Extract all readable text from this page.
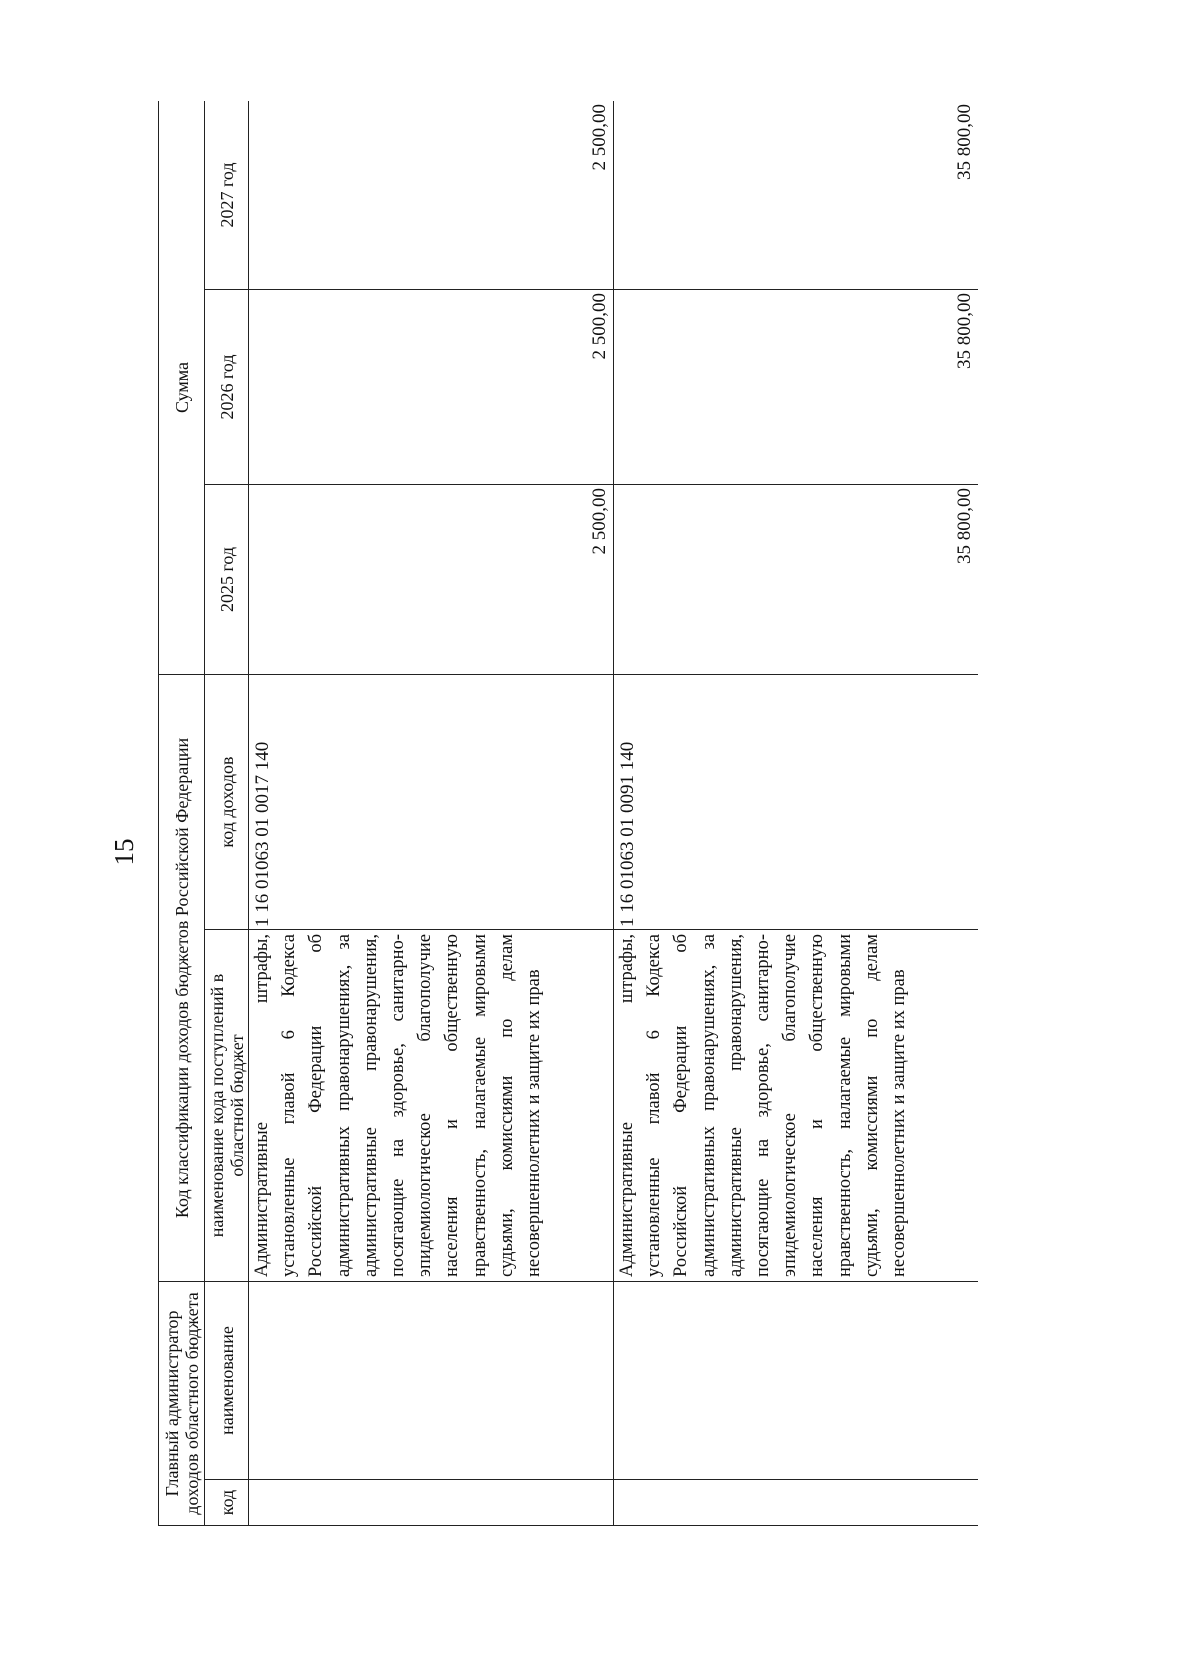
15
Главный администратор доходов областного бюджета		Код классификации доходов бюджетов Российской Федерации		Сумма		
код	наименование	наименование кода поступлений в областной бюджет	код доходов	2025 год	2026 год	2027 год
		Административные штрафы, установленные главой 6 Кодекса Российской Федерации об административных правонарушениях, за административные правонарушения, посягающие на здоровье, санитарно-эпидемиологическое благополучие населения и общественную нравственность, налагаемые мировыми судьями, комиссиями по делам несовершеннолетних и защите их прав	1 16 01063 01 0017 140	2 500,00	2 500,00	2 500,00
		Административные штрафы, установленные главой 6 Кодекса Российской Федерации об административных правонарушениях, за административные правонарушения, посягающие на здоровье, санитарно-эпидемиологическое благополучие населения и общественную нравственность, налагаемые мировыми судьями, комиссиями по делам несовершеннолетних и защите их прав	1 16 01063 01 0091 140	35 800,00	35 800,00	35 800,00
